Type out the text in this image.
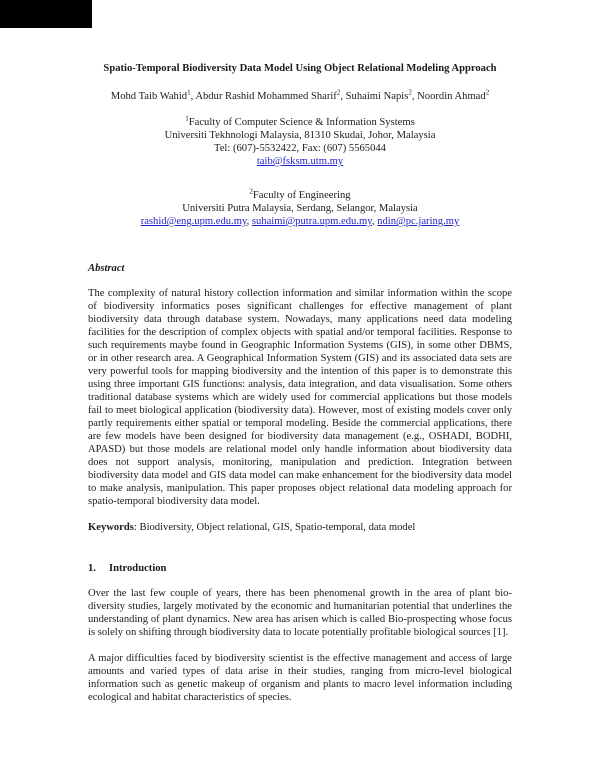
Spatio-Temporal Biodiversity Data Model Using Object Relational Modeling Approach

Mohd Taib Wahid$^1$, Abdur Rashid Mohammed Sharif$^2$, Suhaimi Napis$^2$, Noordin Ahmad$^2$

$^1$Faculty of Computer Science & Information Systems

Universiti Tekhnologi Malaysia, 81310 Skudai, Johor, Malaysia

Tel: (607)-5532422, Fax: (607) 5565044

taib@fsksm.utm.my

$^2$Faculty of Engineering

Universiti Putra Malaysia, Serdang, Selangor, Malaysia

rashid@eng.upm.edu.my, suhaimi@putra.upm.edu.my, ndin@pc.jaring.my

Abstract

The complexity of natural history collection information and similar information within the scope of biodiversity informatics poses significant challenges for effective management of plant biodiversity data through database system. Nowadays, many applications need data modeling facilities for the description of complex objects with spatial and/or temporal facilities. Response to such requirements maybe found in Geographic Information Systems (GIS), in some other DBMS, or in other research area. A Geographical Information System (GIS) and its associated data sets are very powerful tools for mapping biodiversity and the intention of this paper is to demonstrate this using three important GIS functions: analysis, data integration, and data visualisation. Some others traditional database systems which are widely used for commercial applications but those models fail to meet biological application (biodiversity data). However, most of existing models cover only partly requirements either spatial or temporal modeling. Beside the commercial applications, there are few models have been designed for biodiversity data management (e.g., OSHADI, BODHI, APASD) but those models are relational model only handle information about biodiversity data does not support analysis, monitoring, manipulation and prediction. Integration between biodiversity data model and GIS data model can make enhancement for the biodiversity data model to make analysis, manipulation. This paper proposes object relational data modeling approach for spatio-temporal biodiversity data model.

Keywords: Biodiversity, Object relational, GIS, Spatio-temporal, data model

1. Introduction

Over the last few couple of years, there has been phenomenal growth in the area of plant bio-diversity studies, largely motivated by the economic and humanitarian potential that underlines the understanding of plant dynamics. New area has arisen which is called Bio-prospecting whose focus is solely on shifting through biodiversity data to locate potentially profitable biological sources [1].

A major difficulties faced by biodiversity scientist is the effective management and access of large amounts and varied types of data arise in their studies, ranging from micro-level biological information such as genetic makeup of organism and plants to macro level information including ecological and habitat characteristics of species.
